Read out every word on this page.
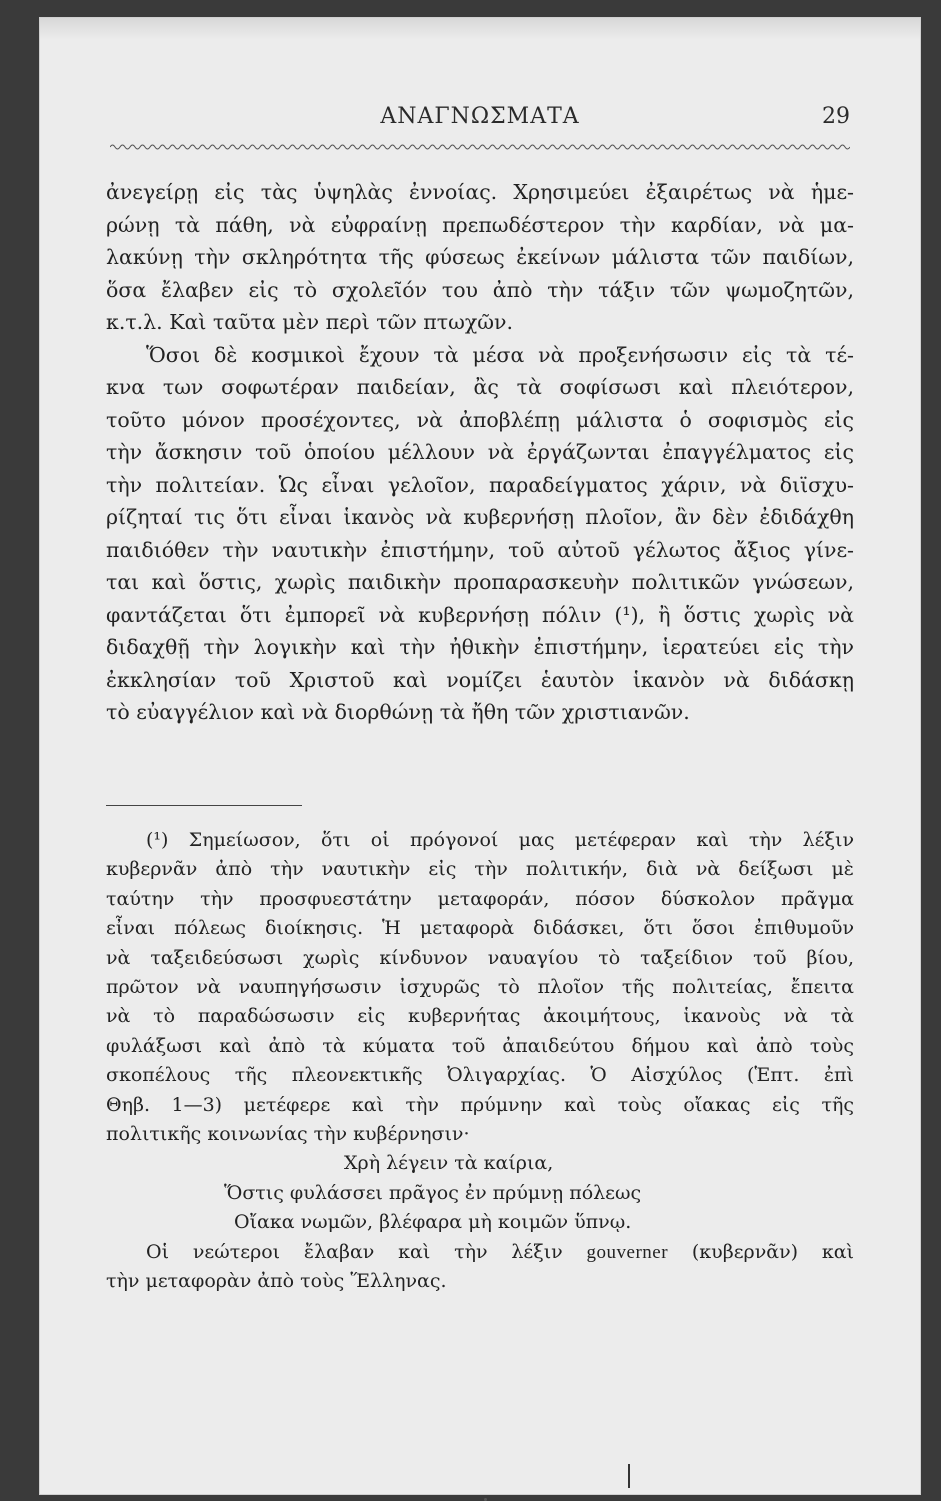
ΑΝΑΓΝΩΣΜΑΤΑ	29
ἀνεγείρῃ εἰς τὰς ὑψηλὰς ἐννοίας. Χρησιμεύει ἐξαιρέτως νὰ ἡμε-
ρώνῃ τὰ πάθη, νὰ εὐφραίνῃ πρεπωδέστερον τὴν καρδίαν, νὰ μα-
λακύνῃ τὴν σκληρότητα τῆς φύσεως ἐκείνων μάλιστα τῶν παιδίων,
ὅσα ἔλαβεν εἰς τὸ σχολεῖόν του ἀπὸ τὴν τάξιν τῶν ψωμοζητῶν,
κ.τ.λ. Καὶ ταῦτα μὲν περὶ τῶν πτωχῶν.
Ὅσοι δὲ κοσμικοὶ ἔχουν τὰ μέσα νὰ προξενήσωσιν εἰς τὰ τέ-
κνα των σοφωτέραν παιδείαν, ἂς τὰ σοφίσωσι καὶ πλειότερον,
τοῦτο μόνον προσέχοντες, νὰ ἀποβλέπῃ μάλιστα ὁ σοφισμὸς εἰς
τὴν ἄσκησιν τοῦ ὁποίου μέλλουν νὰ ἐργάζωνται ἐπαγγέλματος εἰς
τὴν πολιτείαν. Ὡς εἶναι γελοῖον, παραδείγματος χάριν, νὰ διϊσχυ-
ρίζηταί τις ὅτι εἶναι ἱκανὸς νὰ κυβερνήσῃ πλοῖον, ἂν δὲν ἐδιδάχθη
παιδιόθεν τὴν ναυτικὴν ἐπιστήμην, τοῦ αὐτοῦ γέλωτος ἄξιος γίνε-
ται καὶ ὅστις, χωρὶς παιδικὴν προπαρασκευὴν πολιτικῶν γνώσεων,
φαντάζεται ὅτι ἐμπορεῖ νὰ κυβερνήσῃ πόλιν (¹), ἢ ὅστις χωρὶς νὰ
διδαχθῇ τὴν λογικὴν καὶ τὴν ἠθικὴν ἐπιστήμην, ἱερατεύει εἰς τὴν
ἐκκλησίαν τοῦ Χριστοῦ καὶ νομίζει ἑαυτὸν ἱκανὸν νὰ διδάσκῃ
τὸ εὐαγγέλιον καὶ νὰ διορθώνῃ τὰ ἤθη τῶν χριστιανῶν.
(¹) Σημείωσον, ὅτι οἱ πρόγονοί μας μετέφεραν καὶ τὴν λέξιν
κυβερνᾶν ἀπὸ τὴν ναυτικὴν εἰς τὴν πολιτικήν, διὰ νὰ δείξωσι μὲ
ταύτην τὴν προσφυεστάτην μεταφοράν, πόσον δύσκολον πρᾶγμα
εἶναι πόλεως διοίκησις. Ἡ μεταφορὰ διδάσκει, ὅτι ὅσοι ἐπιθυμοῦν
νὰ ταξειδεύσωσι χωρὶς κίνδυνον ναυαγίου τὸ ταξείδιον τοῦ βίου,
πρῶτον νὰ ναυπηγήσωσιν ἰσχυρῶς τὸ πλοῖον τῆς πολιτείας, ἔπειτα
νὰ τὸ παραδώσωσιν εἰς κυβερνήτας ἀκοιμήτους, ἱκανοὺς νὰ τὰ
φυλάξωσι καὶ ἀπὸ τὰ κύματα τοῦ ἀπαιδεύτου δήμου καὶ ἀπὸ τοὺς
σκοπέλους τῆς πλεονεκτικῆς Ὀλιγαρχίας. Ὁ Αἰσχύλος (Ἑπτ. ἐπὶ
Θηβ. 1—3) μετέφερε καὶ τὴν πρύμνην καὶ τοὺς οἴακας εἰς τῆς
πολιτικῆς κοινωνίας τὴν κυβέρνησιν·
Χρὴ λέγειν τὰ καίρια,
Ὅστις φυλάσσει πρᾶγος ἐν πρύμνῃ πόλεως
Οἴακα νωμῶν, βλέφαρα μὴ κοιμῶν ὕπνῳ.
Οἱ νεώτεροι ἔλαβαν καὶ τὴν λέξιν gouverner (κυβερνᾶν) καὶ
τὴν μεταφορὰν ἀπὸ τοὺς Ἕλληνας.
